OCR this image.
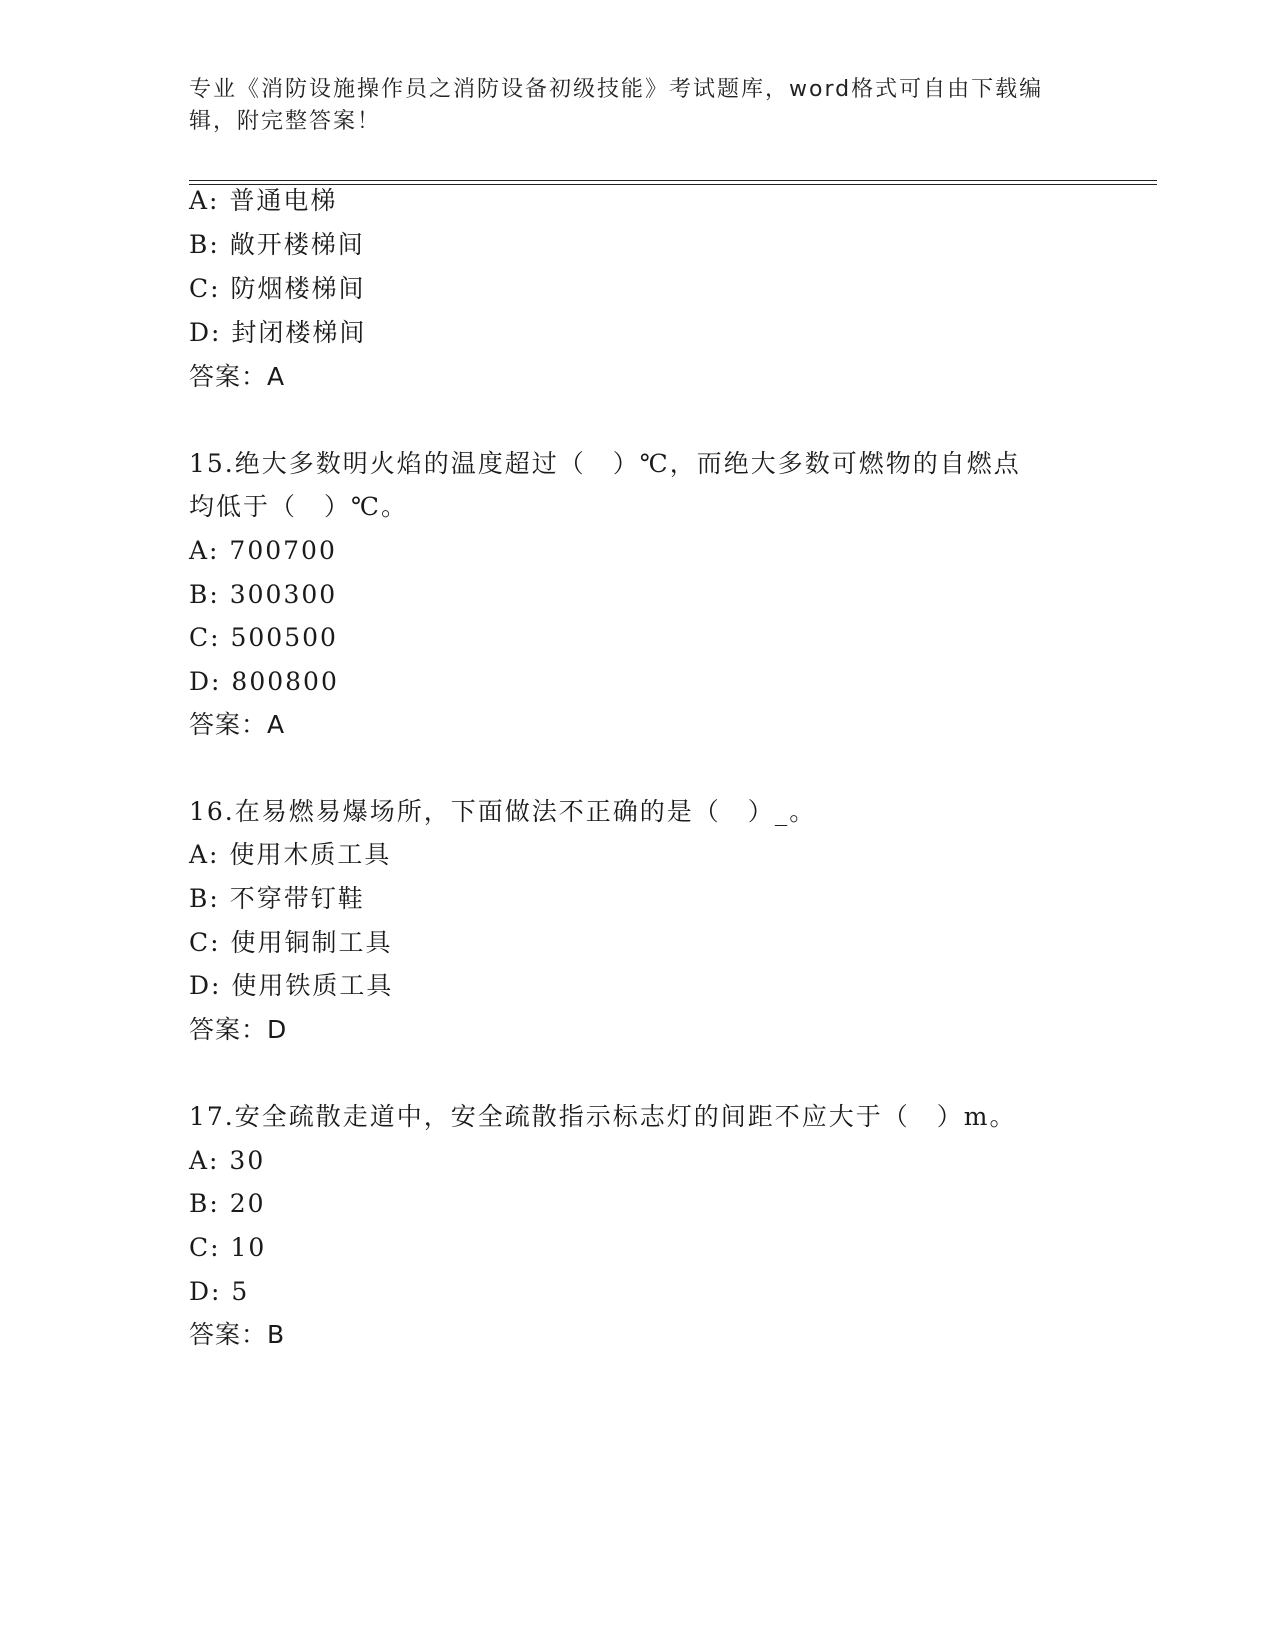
专业《消防设施操作员之消防设备初级技能》考试题库，word格式可自由下载编辑，附完整答案！
A: 普通电梯
B: 敞开楼梯间
C: 防烟楼梯间
D: 封闭楼梯间
答案：A
15.绝大多数明火焰的温度超过（　）℃，而绝大多数可燃物的自燃点
均低于（　）℃。
A: 700700
B: 300300
C: 500500
D: 800800
答案：A
16.在易燃易爆场所，下面做法不正确的是（　）_。
A: 使用木质工具
B: 不穿带钉鞋
C: 使用铜制工具
D: 使用铁质工具
答案：D
17.安全疏散走道中，安全疏散指示标志灯的间距不应大于（　）m。
A: 30
B: 20
C: 10
D: 5
答案：B
